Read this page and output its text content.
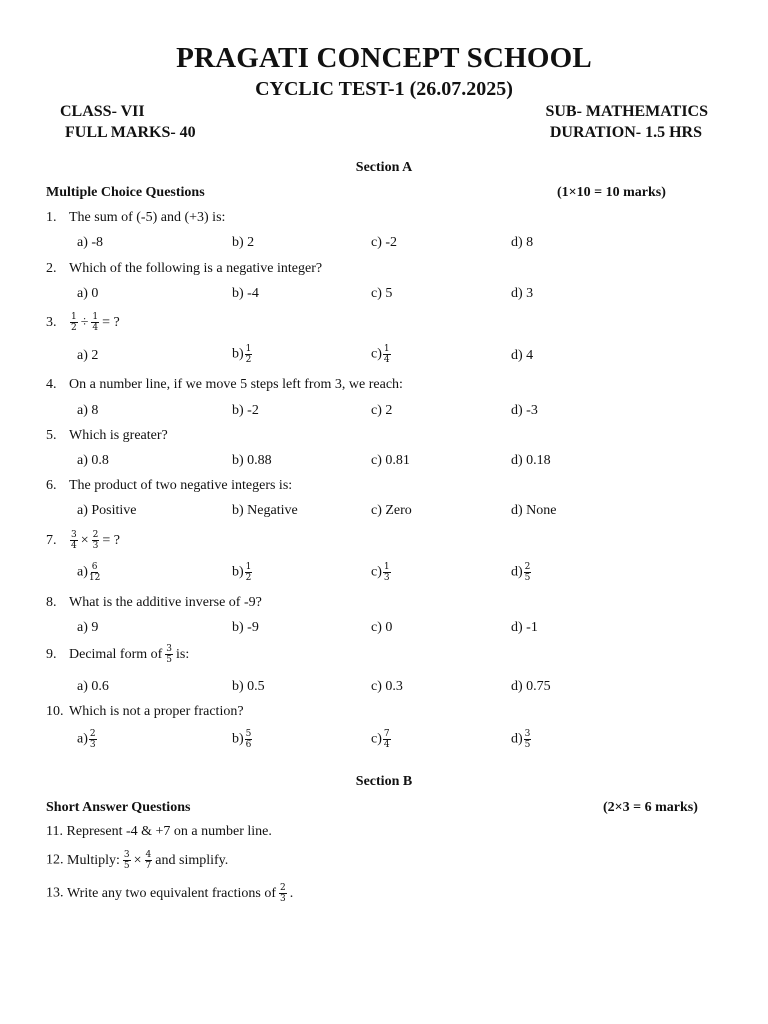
PRAGATI CONCEPT SCHOOL
CYCLIC TEST-1 (26.07.2025)
CLASS- VII	SUB- MATHEMATICS
FULL MARKS- 40	DURATION- 1.5 HRS
Section A
Multiple Choice Questions	(1×10 = 10 marks)
1. The sum of (-5) and (+3) is:
a) -8	b) 2	c) -2	d) 8
2. Which of the following is a negative integer?
a) 0	b) -4	c) 5	d) 3
3. $\frac{1}{2} \div \frac{1}{4}$ = ?
a) 2	$b) \frac{1}{2}$	$c) \frac{1}{4}$	d) 4
4. On a number line, if we move 5 steps left from 3, we reach:
a) 8	b) -2	c) 2	d) -3
5. Which is greater?
a) 0.8	b) 0.88	c) 0.81	d) 0.18
6. The product of two negative integers is:
a) Positive	b) Negative	c) Zero	d) None
7. $\frac{3}{4} \times \frac{2}{3}$ = ?
$a) \frac{6}{12}$	$b) \frac{1}{2}$	$c) \frac{1}{3}$	$d) \frac{2}{5}$
8. What is the additive inverse of -9?
a) 9	b) -9	c) 0	d) -1
9. Decimal form of $\frac{3}{5}$ is:
a) 0.6	b) 0.5	c) 0.3	d) 0.75
10. Which is not a proper fraction?
$a) \frac{2}{3}$	$b) \frac{5}{6}$	$c) \frac{7}{4}$	$d) \frac{3}{5}$
Section B
Short Answer Questions	(2×3 = 6 marks)
11. Represent -4 & +7 on a number line.
12. Multiply: $\frac{3}{5} \times \frac{4}{7}$ and simplify.
13. Write any two equivalent fractions of $\frac{2}{3}$ .
